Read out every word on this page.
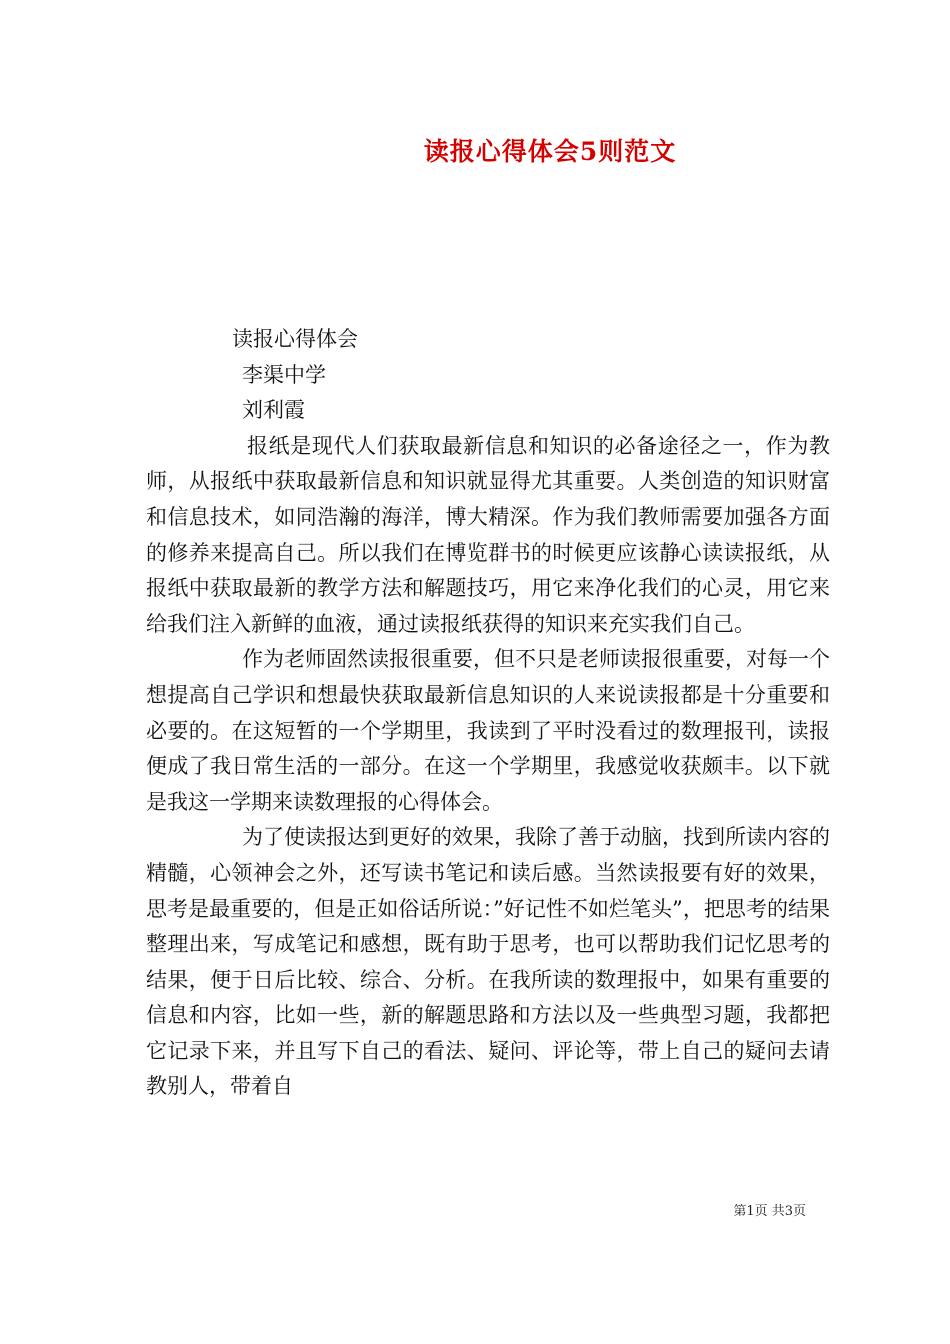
读报心得体会5则范文
读报心得体会
李渠中学
刘利霞

报纸是现代人们获取最新信息和知识的必备途径之一，作为教师，从报纸中获取最新信息和知识就显得尤其重要。人类创造的知识财富和信息技术，如同浩瀚的海洋，博大精深。作为我们教师需要加强各方面的修养来提高自己。所以我们在博览群书的时候更应该静心读读报纸，从报纸中获取最新的教学方法和解题技巧，用它来净化我们的心灵，用它来给我们注入新鲜的血液，通过读报纸获得的知识来充实我们自己。

作为老师固然读报很重要，但不只是老师读报很重要，对每一个想提高自己学识和想最快获取最新信息知识的人来说读报都是十分重要和必要的。在这短暂的一个学期里，我读到了平时没看过的数理报刊，读报便成了我日常生活的一部分。在这一个学期里，我感觉收获颇丰。以下就是我这一学期来读数理报的心得体会。

为了使读报达到更好的效果，我除了善于动脑，找到所读内容的精髓，心领神会之外，还写读书笔记和读后感。当然读报要有好的效果，思考是最重要的，但是正如俗话所说：”好记性不如烂笔头”，把思考的结果整理出来，写成笔记和感想，既有助于思考，也可以帮助我们记忆思考的结果，便于日后比较、综合、分析。在我所读的数理报中，如果有重要的信息和内容，比如一些，新的解题思路和方法以及一些典型习题，我都把它记录下来，并且写下自己的看法、疑问、评论等，带上自己的疑问去请教别人，带着自

第1页 共3页
